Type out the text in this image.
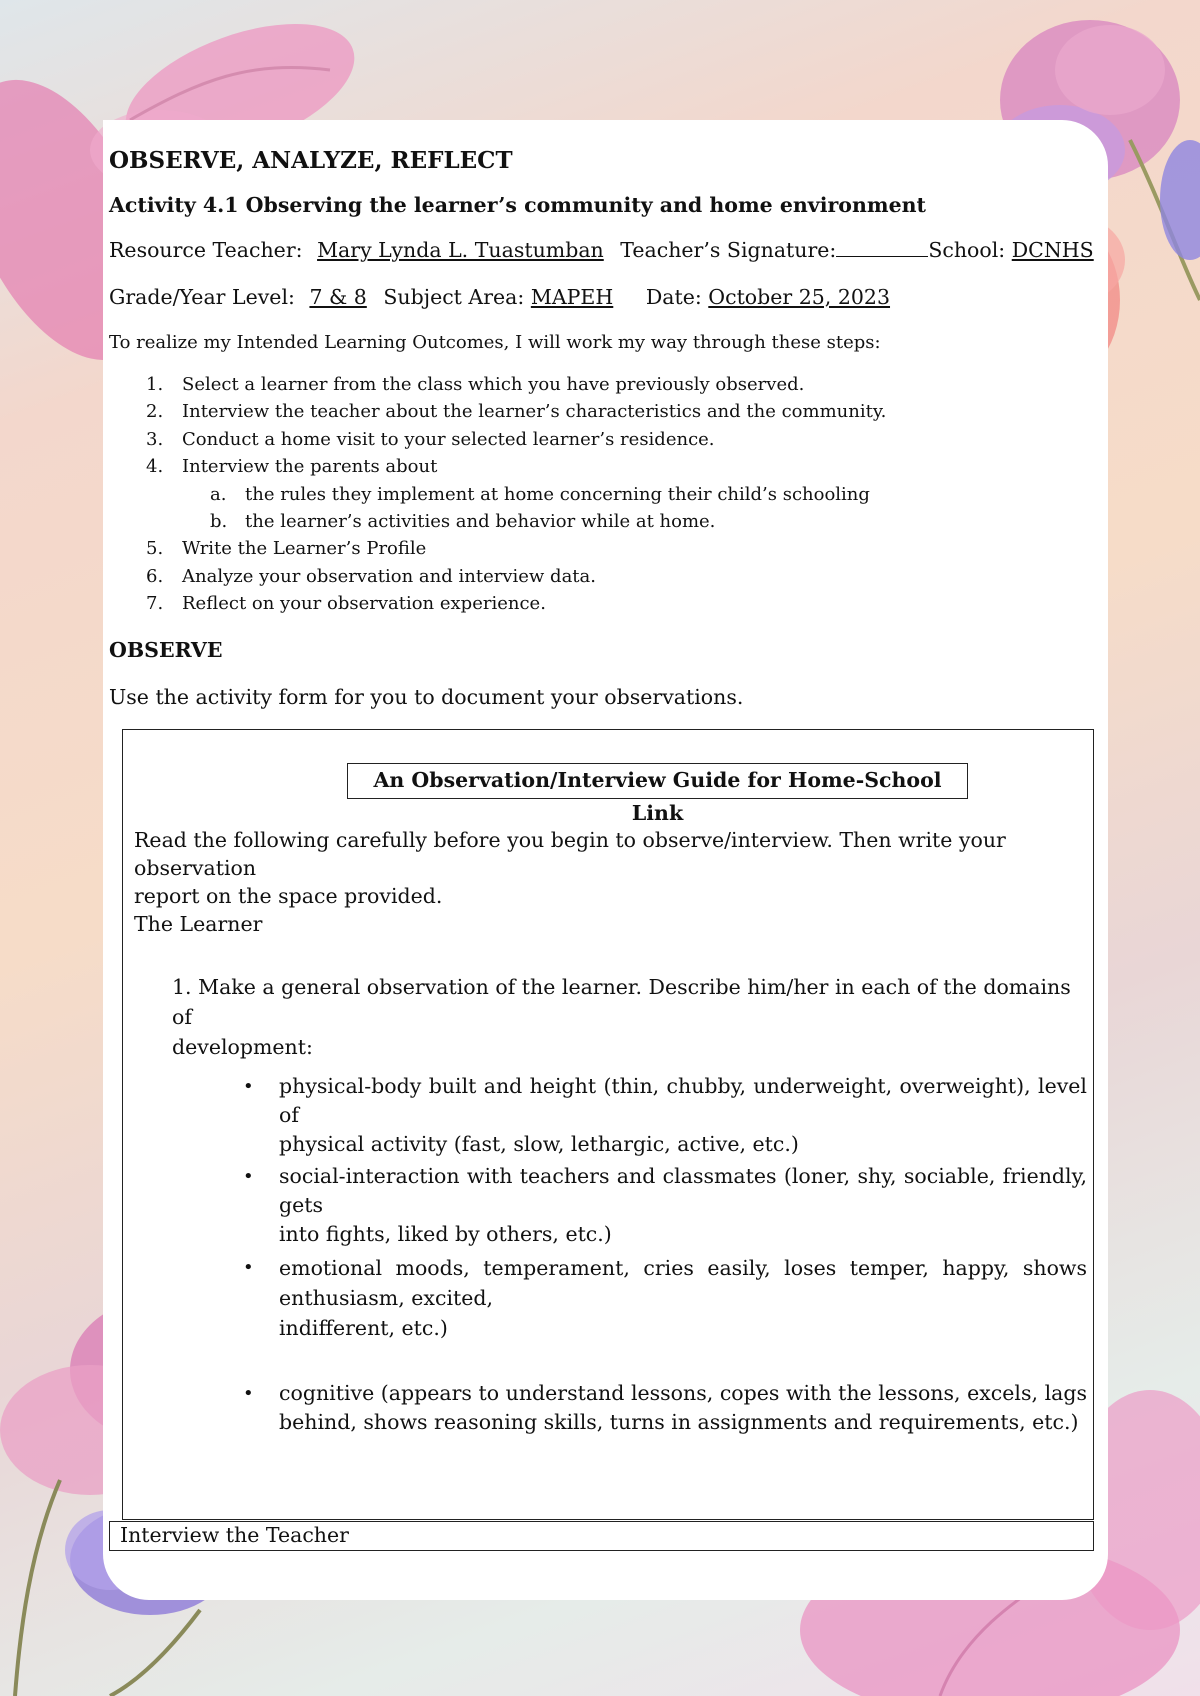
OBSERVE, ANALYZE, REFLECT
Activity 4.1 Observing the learner’s community and home environment
Resource Teacher: Mary Lynda L. Tuastumban Teacher’s Signature:	School: DCNHS
Grade/Year Level: 7 & 8 Subject Area: MAPEH Date: October 25, 2023
To realize my Intended Learning Outcomes, I will work my way through these steps:
1. Select a learner from the class which you have previously observed.
2. Interview the teacher about the learner’s characteristics and the community.
3. Conduct a home visit to your selected learner’s residence.
4. Interview the parents about
a. the rules they implement at home concerning their child’s schooling
b. the learner’s activities and behavior while at home.
5. Write the Learner’s Profile
6. Analyze your observation and interview data.
7. Reflect on your observation experience.
OBSERVE
Use the activity form for you to document your observations.
An Observation/Interview Guide for Home-School Link
Read the following carefully before you begin to observe/interview. Then write your observation
report on the space provided.
The Learner
1. Make a general observation of the learner. Describe him/her in each of the domains of
development:
• physical-body built and height (thin, chubby, underweight, overweight), level of
physical activity (fast, slow, lethargic, active, etc.)
• social-interaction with teachers and classmates (loner, shy, sociable, friendly, gets
into fights, liked by others, etc.)
• emotional moods, temperament, cries easily, loses temper, happy, shows
enthusiasm, excited,
indifferent, etc.)
• cognitive (appears to understand lessons, copes with the lessons, excels, lags
behind, shows reasoning skills, turns in assignments and requirements, etc.)
Interview the Teacher
